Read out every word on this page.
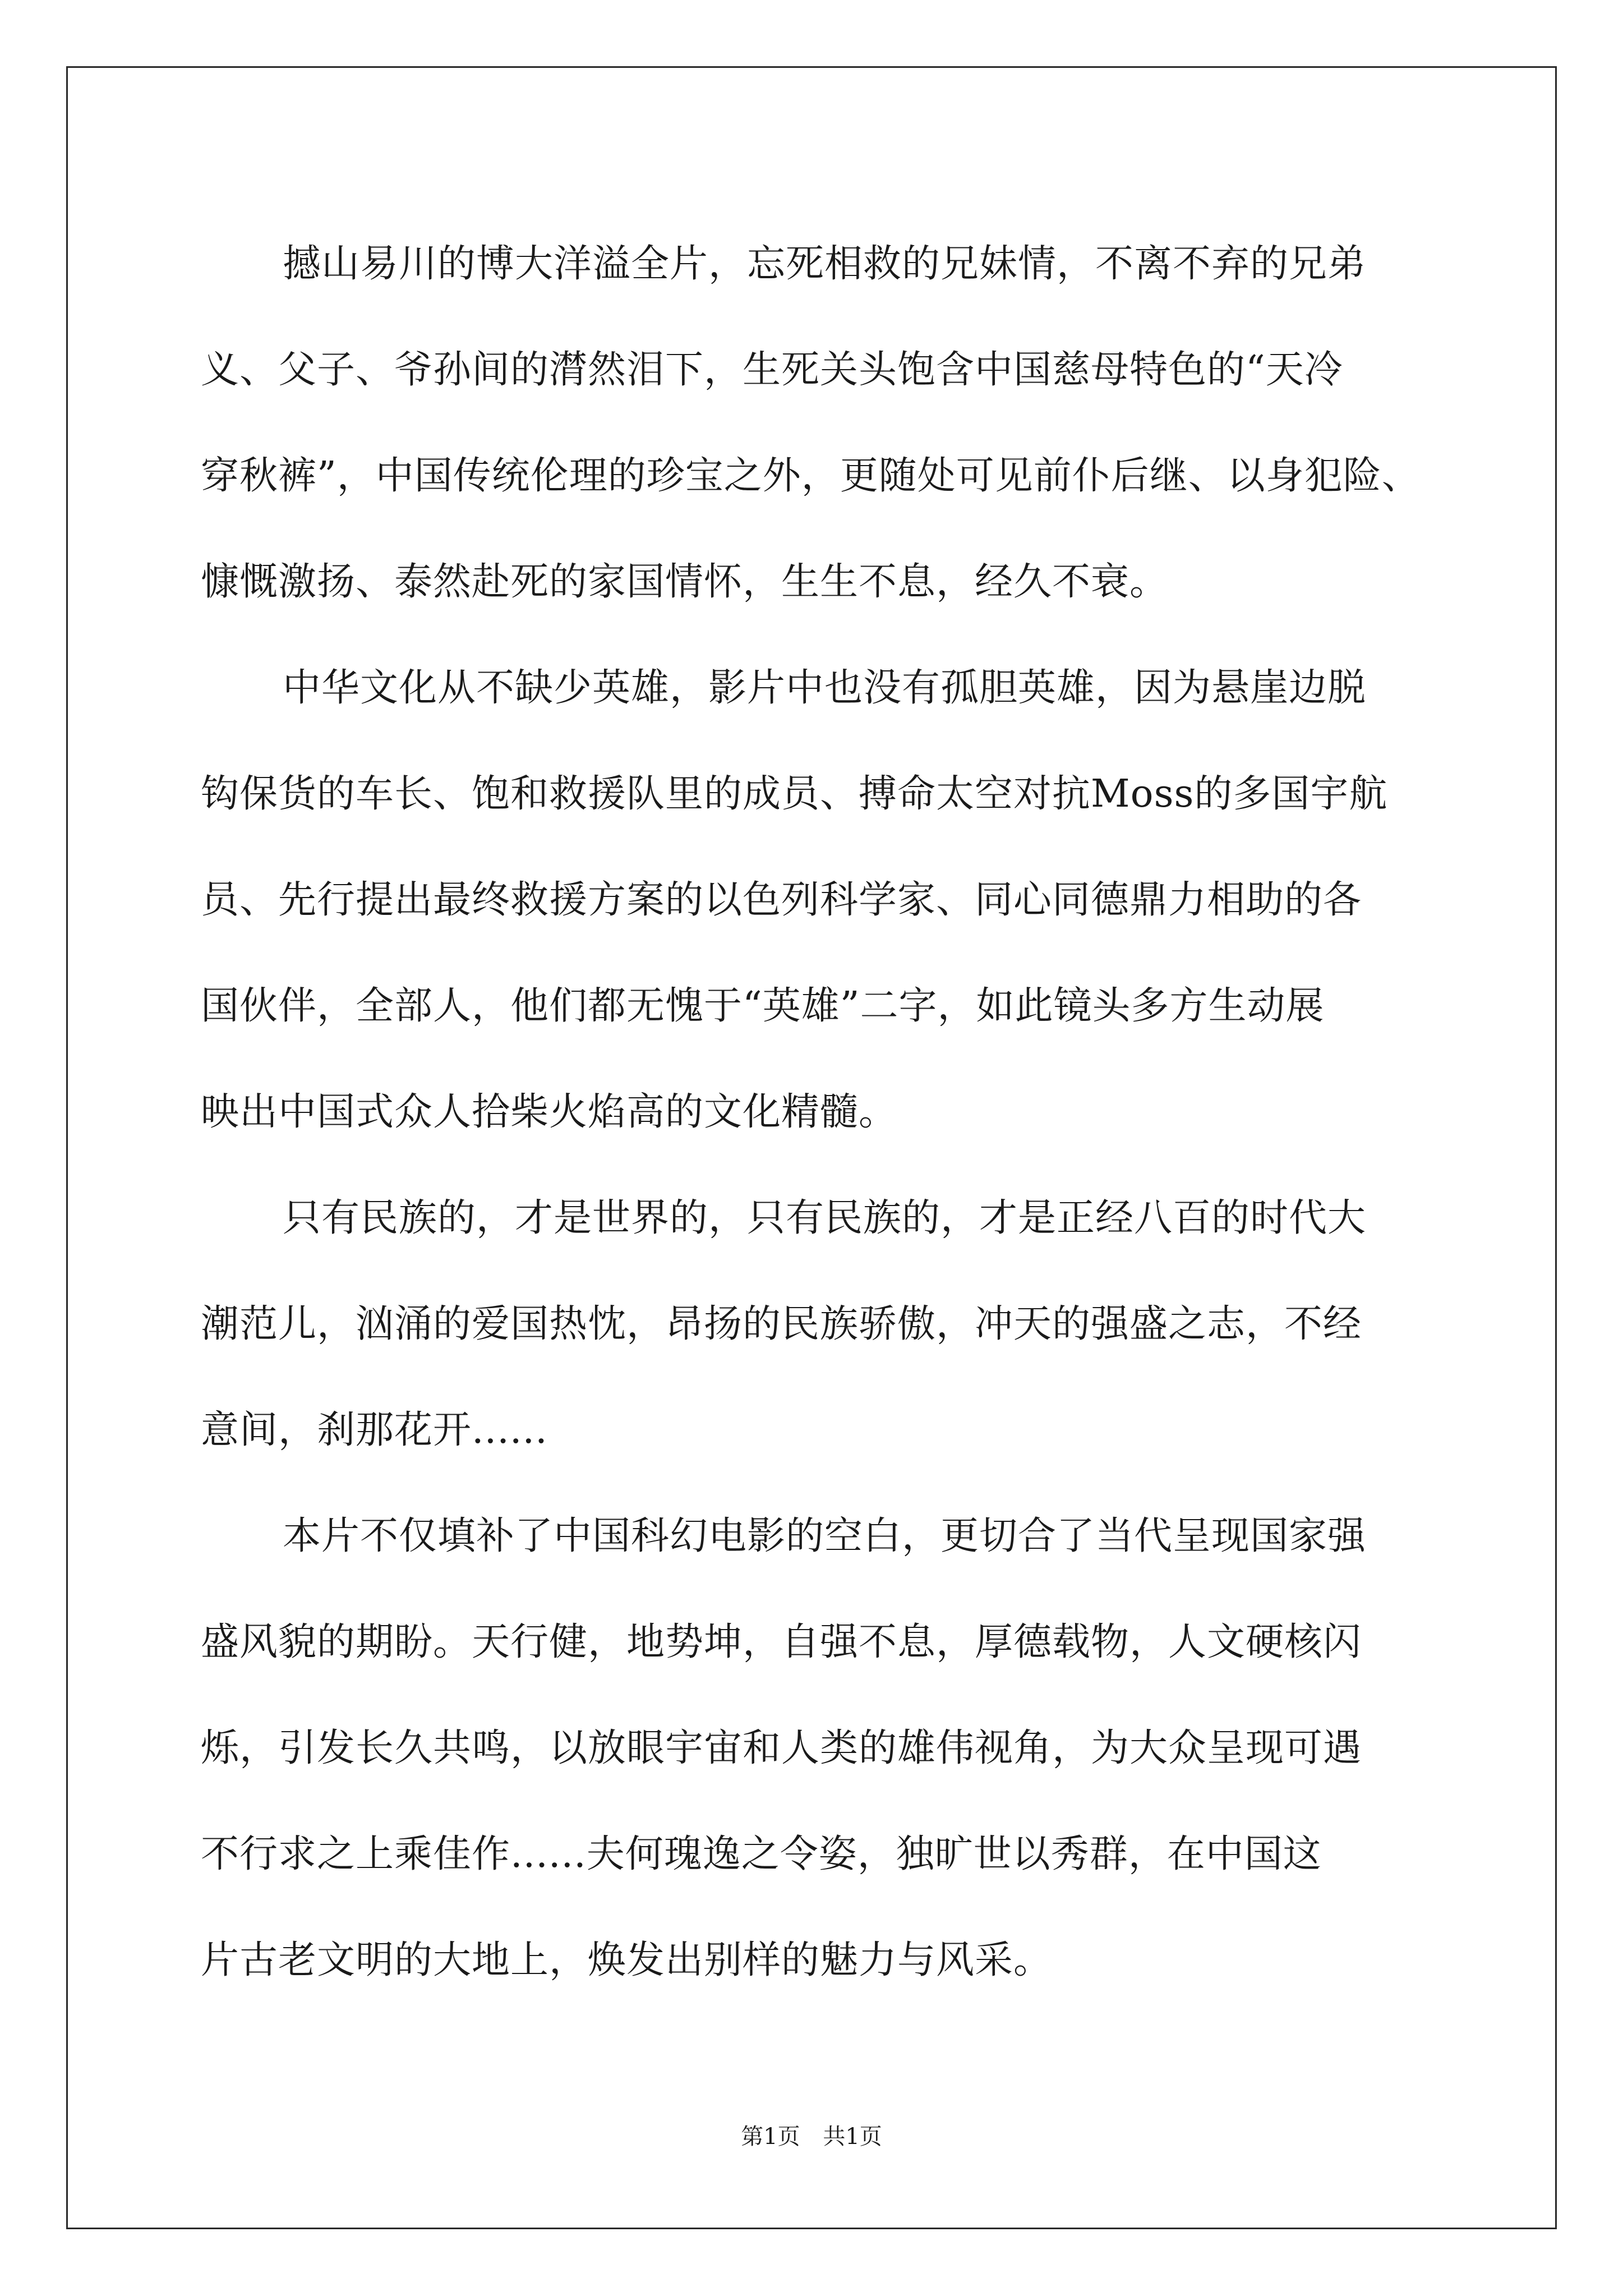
撼山易川的博大洋溢全片，忘死相救的兄妹情，不离不弃的兄弟
义、父子、爷孙间的潸然泪下，生死关头饱含中国慈母特色的“天冷
穿秋裤”，中国传统伦理的珍宝之外，更随处可见前仆后继、以身犯险、
慷慨激扬、泰然赴死的家国情怀，生生不息，经久不衰。
中华文化从不缺少英雄，影片中也没有孤胆英雄，因为悬崖边脱
钩保货的车长、饱和救援队里的成员、搏命太空对抗Moss的多国宇航
员、先行提出最终救援方案的以色列科学家、同心同德鼎力相助的各
国伙伴，全部人，他们都无愧于“英雄”二字，如此镜头多方生动展
映出中国式众人拾柴火焰高的文化精髓。
只有民族的，才是世界的，只有民族的，才是正经八百的时代大
潮范儿，汹涌的爱国热忱，昂扬的民族骄傲，冲天的强盛之志，不经
意间，刹那花开......
本片不仅填补了中国科幻电影的空白，更切合了当代呈现国家强
盛风貌的期盼。天行健，地势坤，自强不息，厚德载物，人文硬核闪
烁，引发长久共鸣，以放眼宇宙和人类的雄伟视角，为大众呈现可遇
不行求之上乘佳作......夫何瑰逸之令姿，独旷世以秀群，在中国这
片古老文明的大地上，焕发出别样的魅力与风采。
第1页 共1页
